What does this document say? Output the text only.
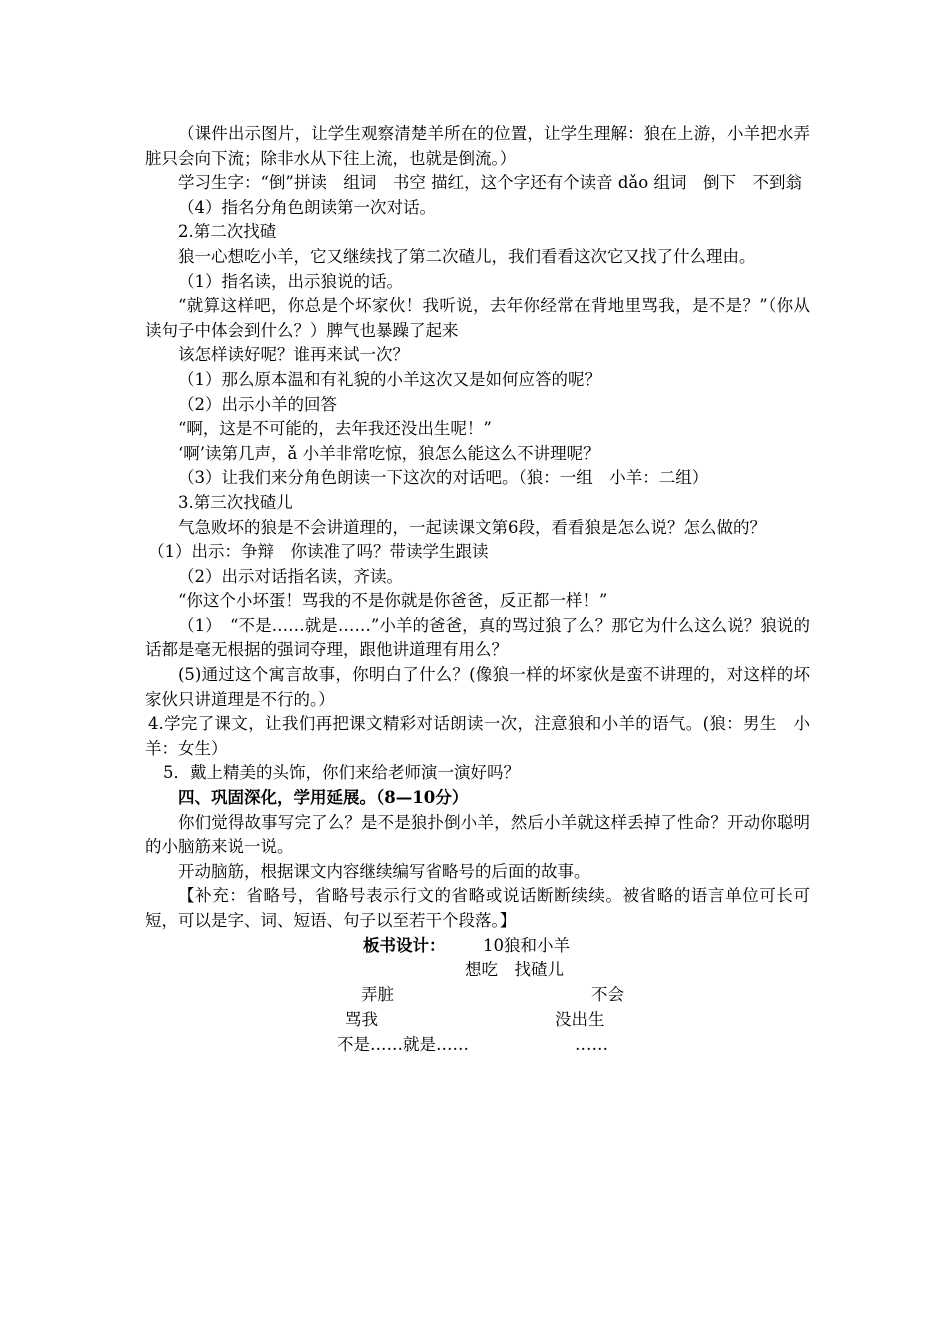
（课件出示图片，让学生观察清楚羊所在的位置，让学生理解：狼在上游，小羊把水弄脏只会向下流；除非水从下往上流，也就是倒流。）

学习生字：“倒”拼读　组词　书空 描红，这个字还有个读音 dǎo 组词　倒下　不到翁

（4）指名分角色朗读第一次对话。

2.第二次找碴

狼一心想吃小羊，它又继续找了第二次碴儿，我们看看这次它又找了什么理由。

（1）指名读，出示狼说的话。

“就算这样吧，你总是个坏家伙！我听说，去年你经常在背地里骂我，是不是？”（你从读句子中体会到什么？）脾气也暴躁了起来

该怎样读好呢？谁再来试一次？

（1）那么原本温和有礼貌的小羊这次又是如何应答的呢？

（2）出示小羊的回答

“啊，这是不可能的，去年我还没出生呢！”

‘啊’读第几声，ǎ 小羊非常吃惊，狼怎么能这么不讲理呢？

（3）让我们来分角色朗读一下这次的对话吧。（狼：一组　小羊：二组）

3.第三次找碴儿

气急败坏的狼是不会讲道理的，一起读课文第6段，看看狼是怎么说？怎么做的？

（1）出示：争辩　你读准了吗？带读学生跟读

（2）出示对话指名读，齐读。

“你这个小坏蛋！骂我的不是你就是你爸爸，反正都一样！”

（1）　“不是……就是……”小羊的爸爸，真的骂过狼了么？那它为什么这么说？狼说的话都是毫无根据的强词夺理，跟他讲道理有用么？

(5)通过这个寓言故事，你明白了什么？(像狼一样的坏家伙是蛮不讲理的，对这样的坏家伙只讲道理是不行的。）

4.学完了课文，让我们再把课文精彩对话朗读一次，注意狼和小羊的语气。(狼：男生　小羊：女生）

5．戴上精美的头饰，你们来给老师演一演好吗？

四、巩固深化，学用延展。（8—10分）

你们觉得故事写完了么？是不是狼扑倒小羊，然后小羊就这样丢掉了性命？开动你聪明的小脑筋来说一说。

开动脑筋，根据课文内容继续编写省略号的后面的故事。

【补充：省略号，省略号表示行文的省略或说话断断续续。被省略的语言单位可长可短，可以是字、词、短语、句子以至若干个段落。】

板书设计： 10狼和小羊
想吃　找碴儿
弄脏
骂我
不是……就是……
不会
没出生
……
